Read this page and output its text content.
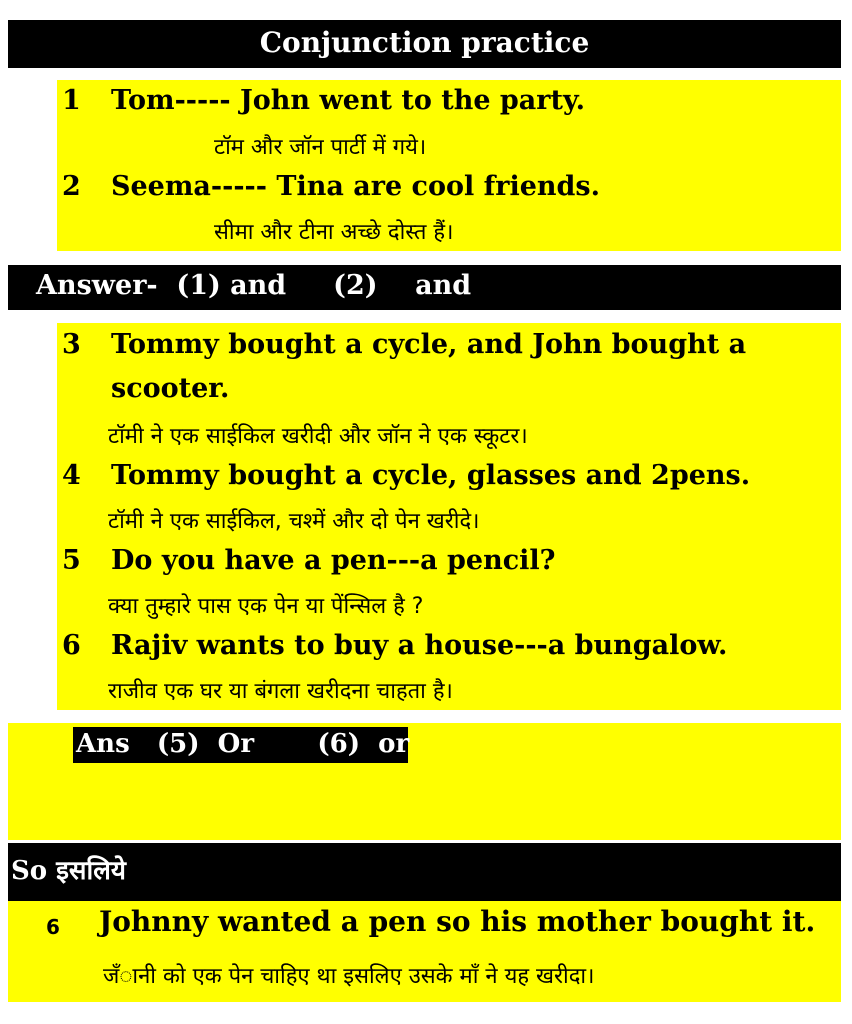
Conjunction practice
1 Tom----- John went to the party.
टॉम और जॉन पार्टी में गये।
2 Seema----- Tina are cool friends.
सीमा और टीना अच्छे दोस्त हैं।
Answer-  (1) and     (2)    and
3 Tommy bought a cycle, and John bought a
scooter.
टॉमी ने एक साईकिल खरीदी और जॉन ने एक स्कूटर।
4 Tommy bought a cycle, glasses and 2pens.
टॉमी ने एक साईकिल, चश्में और दो पेन खरीदे।
5 Do you have a pen---a pencil?
क्या तुम्हारे पास एक पेन या पेंन्सिल है ?
6 Rajiv wants to buy a house---a bungalow.
राजीव एक घर या बंगला खरीदना चाहता है।
Ans   (5)  Or       (6)  or
So इसलिये
6 Johnny wanted a pen so his mother bought it.
जँानी को एक पेन चाहिए था इसलिए उसके माँ ने यह खरीदा।
